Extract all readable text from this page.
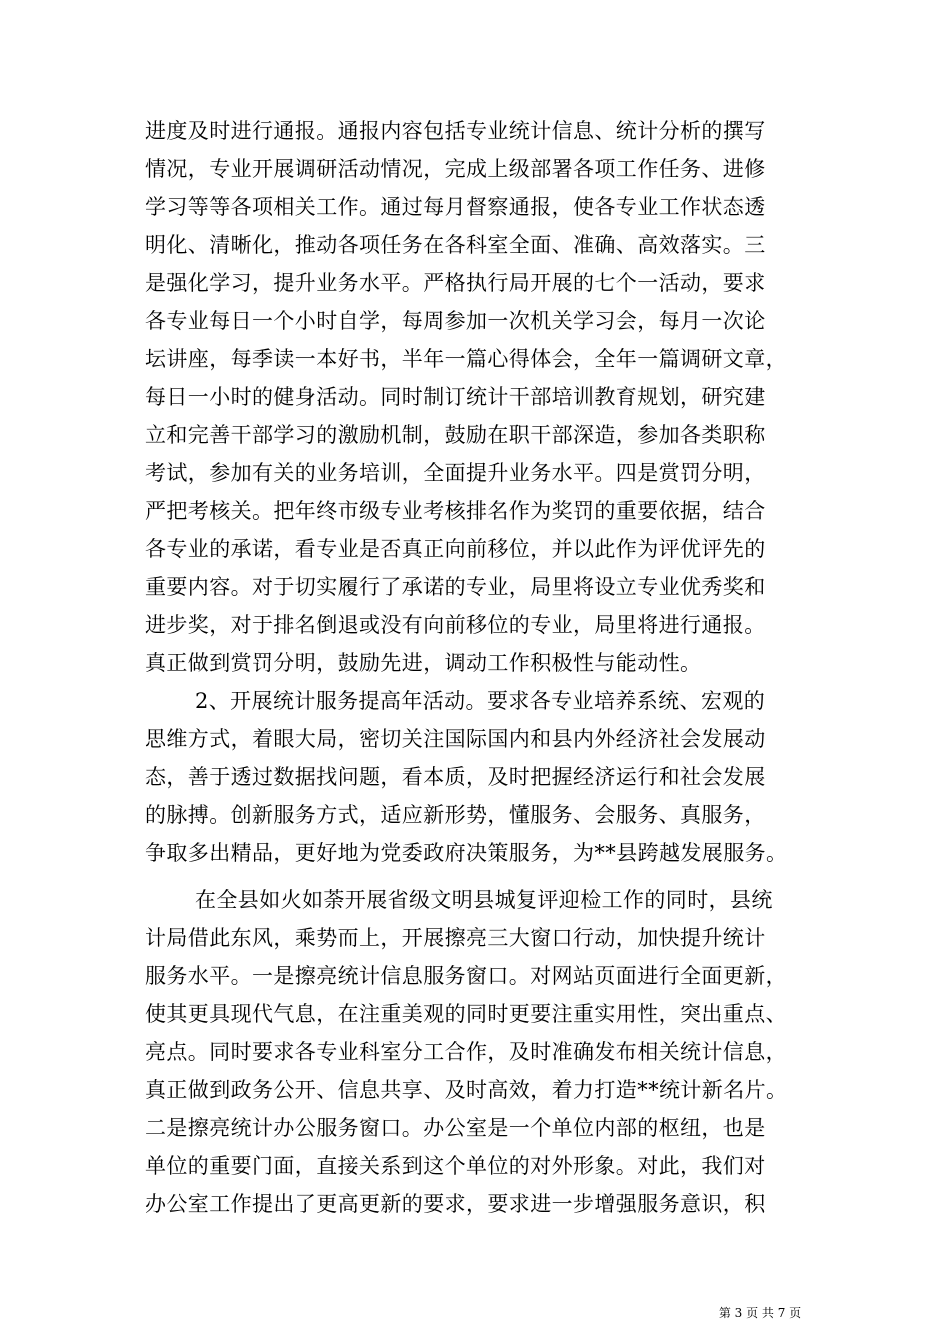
进度及时进行通报。通报内容包括专业统计信息、统计分析的撰写
情况，专业开展调研活动情况，完成上级部署各项工作任务、进修
学习等等各项相关工作。通过每月督察通报，使各专业工作状态透
明化、清晰化，推动各项任务在各科室全面、准确、高效落实。三
是强化学习，提升业务水平。严格执行局开展的七个一活动，要求
各专业每日一个小时自学，每周参加一次机关学习会，每月一次论
坛讲座，每季读一本好书，半年一篇心得体会，全年一篇调研文章，
每日一小时的健身活动。同时制订统计干部培训教育规划，研究建
立和完善干部学习的激励机制，鼓励在职干部深造，参加各类职称
考试，参加有关的业务培训，全面提升业务水平。四是赏罚分明，
严把考核关。把年终市级专业考核排名作为奖罚的重要依据，结合
各专业的承诺，看专业是否真正向前移位，并以此作为评优评先的
重要内容。对于切实履行了承诺的专业，局里将设立专业优秀奖和
进步奖，对于排名倒退或没有向前移位的专业，局里将进行通报。
真正做到赏罚分明，鼓励先进，调动工作积极性与能动性。
2、开展统计服务提高年活动。要求各专业培养系统、宏观的
思维方式，着眼大局，密切关注国际国内和县内外经济社会发展动
态，善于透过数据找问题，看本质，及时把握经济运行和社会发展
的脉搏。创新服务方式，适应新形势，懂服务、会服务、真服务，
争取多出精品，更好地为党委政府决策服务，为**县跨越发展服务。
在全县如火如荼开展省级文明县城复评迎检工作的同时，县统
计局借此东风，乘势而上，开展擦亮三大窗口行动，加快提升统计
服务水平。一是擦亮统计信息服务窗口。对网站页面进行全面更新，
使其更具现代气息，在注重美观的同时更要注重实用性，突出重点、
亮点。同时要求各专业科室分工合作，及时准确发布相关统计信息，
真正做到政务公开、信息共享、及时高效，着力打造**统计新名片。
二是擦亮统计办公服务窗口。办公室是一个单位内部的枢纽，也是
单位的重要门面，直接关系到这个单位的对外形象。对此，我们对
办公室工作提出了更高更新的要求，要求进一步增强服务意识，积
第 3 页 共 7 页
